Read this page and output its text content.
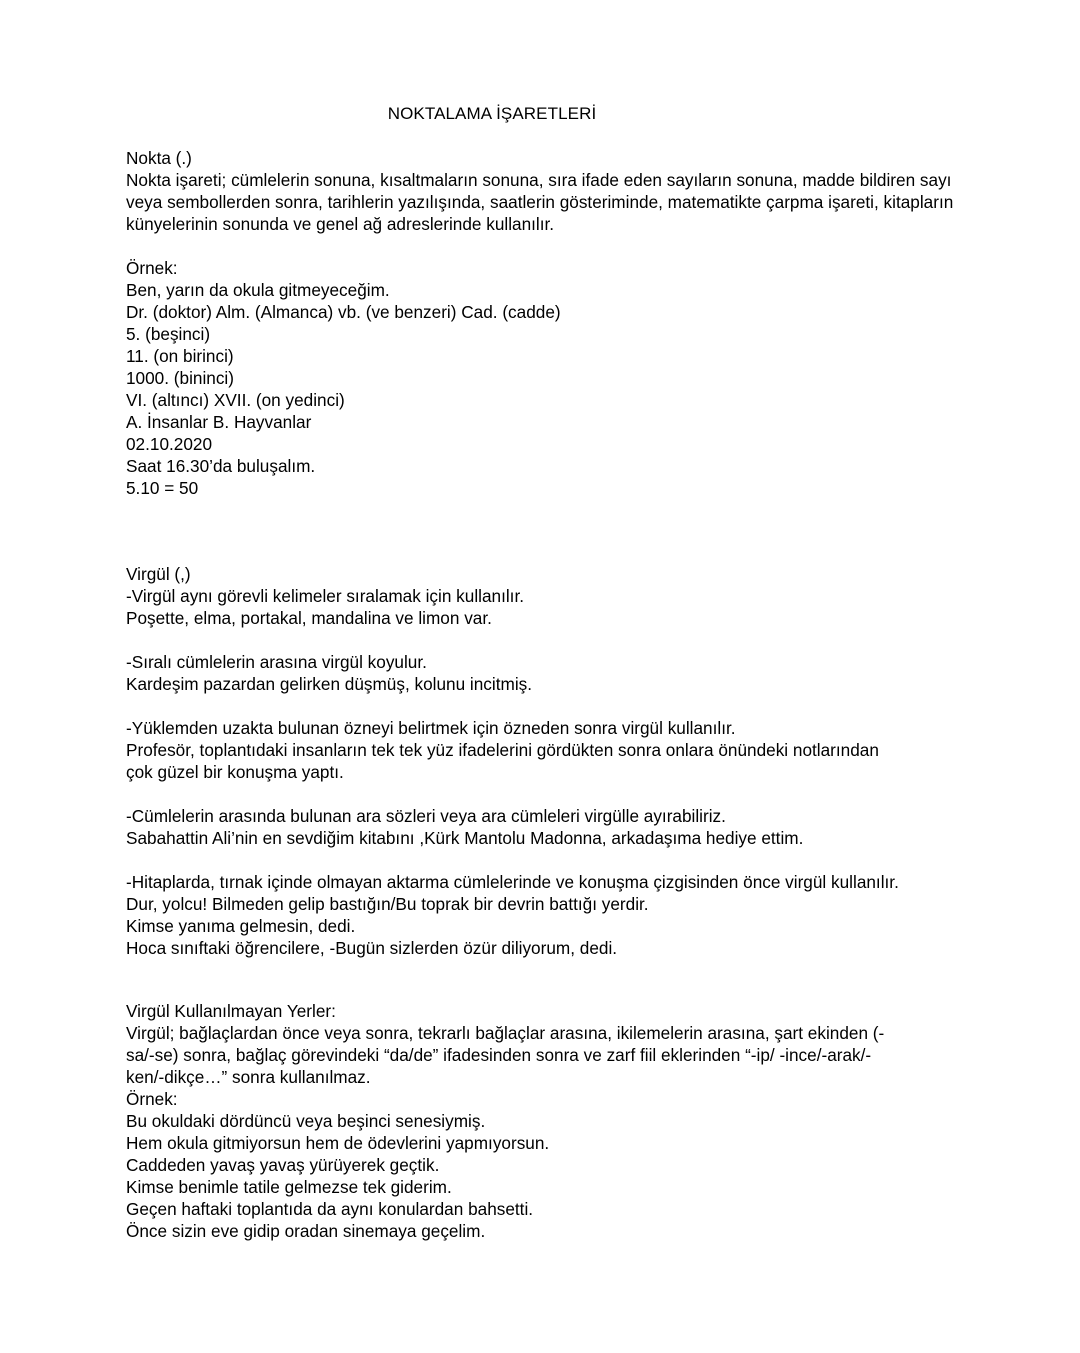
NOKTALAMA İŞARETLERİ
Nokta (.)
Nokta işareti; cümlelerin sonuna, kısaltmaların sonuna, sıra ifade eden sayıların sonuna, madde bildiren sayı veya sembollerden sonra, tarihlerin yazılışında, saatlerin gösteriminde, matematikte çarpma işareti, kitapların künyelerinin sonunda ve genel ağ adreslerinde kullanılır.
Örnek:
Ben, yarın da okula gitmeyeceğim.
Dr. (doktor) Alm. (Almanca) vb. (ve benzeri) Cad. (cadde)
5. (beşinci)
11. (on birinci)
1000. (bininci)
VI. (altıncı) XVII. (on yedinci)
A. İnsanlar B. Hayvanlar
02.10.2020
Saat 16.30’da buluşalım.
5.10 = 50
Virgül (,)
-Virgül aynı görevli kelimeler sıralamak için kullanılır.
Poşette, elma, portakal, mandalina ve limon var.
-Sıralı cümlelerin arasına virgül koyulur.
Kardeşim pazardan gelirken düşmüş, kolunu incitmiş.
-Yüklemden uzakta bulunan özneyi belirtmek için özneden sonra virgül kullanılır.
Profesör, toplantıdaki insanların tek tek yüz ifadelerini gördükten sonra onlara önündeki notlarından
çok güzel bir konuşma yaptı.
-Cümlelerin arasında bulunan ara sözleri veya ara cümleleri virgülle ayırabiliriz.
Sabahattin Ali’nin en sevdiğim kitabını ,Kürk Mantolu Madonna, arkadaşıma hediye ettim.
-Hitaplarda, tırnak içinde olmayan aktarma cümlelerinde ve konuşma çizgisinden önce virgül kullanılır.
Dur, yolcu! Bilmeden gelip bastığın/Bu toprak bir devrin battığı yerdir.
Kimse yanıma gelmesin, dedi.
Hoca sınıftaki öğrencilere, -Bugün sizlerden özür diliyorum, dedi.
Virgül Kullanılmayan Yerler:
Virgül; bağlaçlardan önce veya sonra, tekrarlı bağlaçlar arasına, ikilemelerin arasına, şart ekinden (-
sa/-se) sonra, bağlaç görevindeki “da/de” ifadesinden sonra ve zarf fiil eklerinden “-ip/ -ince/-arak/-
ken/-dikçe…” sonra kullanılmaz.
Örnek:
Bu okuldaki dördüncü veya beşinci senesiymiş.
Hem okula gitmiyorsun hem de ödevlerini yapmıyorsun.
Caddeden yavaş yavaş yürüyerek geçtik.
Kimse benimle tatile gelmezse tek giderim.
Geçen haftaki toplantıda da aynı konulardan bahsetti.
Önce sizin eve gidip oradan sinemaya geçelim.
